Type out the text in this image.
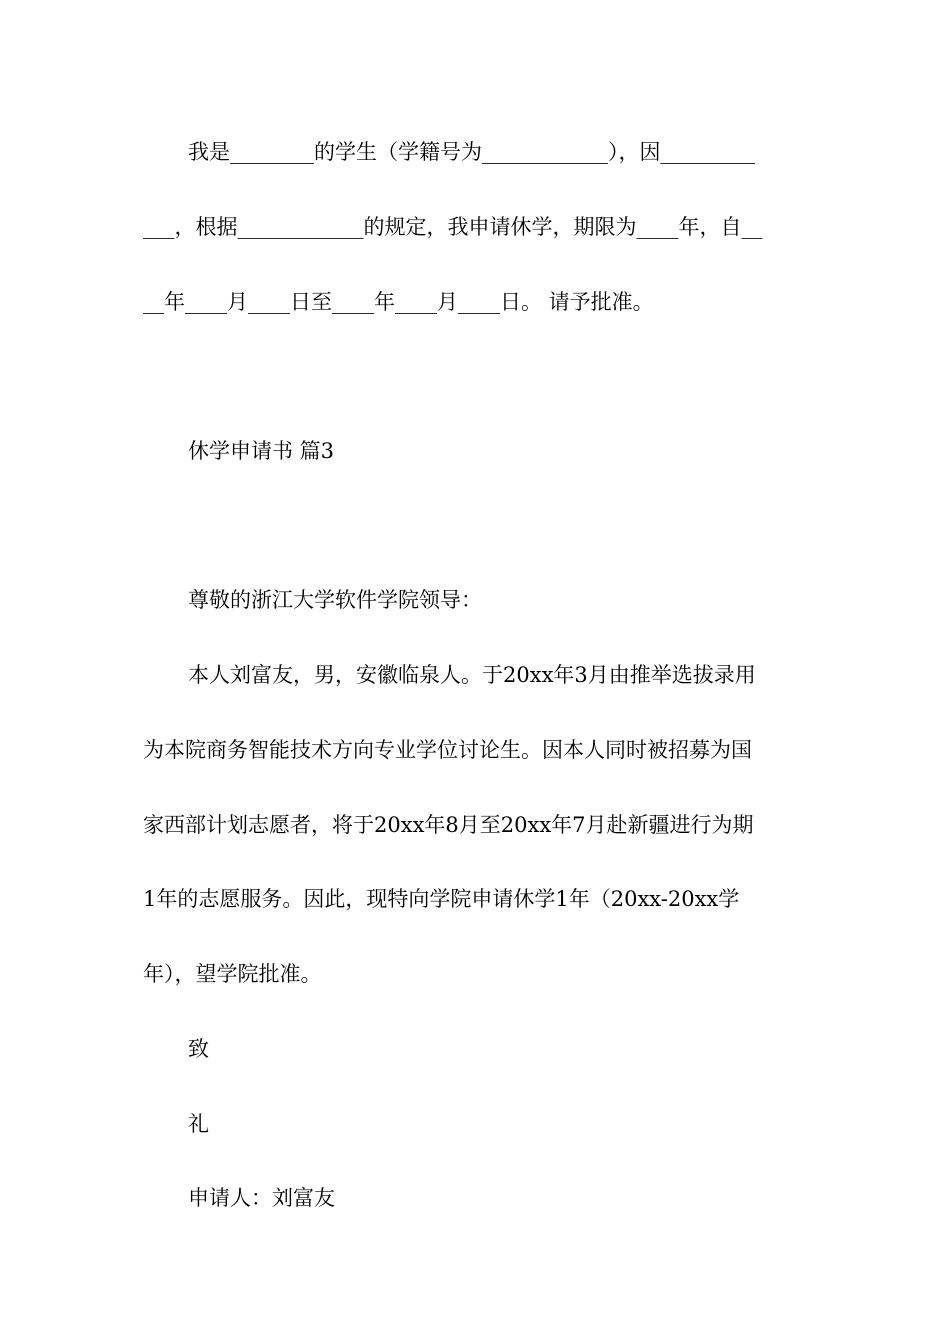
我是________的学生（学籍号为____________），因_________
___，根据____________的规定，我申请休学，期限为____年，自__
__年____月____日至____年____月____日。 请予批准。
休学申请书 篇3
尊敬的浙江大学软件学院领导：
本人刘富友，男，安徽临泉人。于20xx年3月由推举选拔录用
为本院商务智能技术方向专业学位讨论生。因本人同时被招募为国
家西部计划志愿者，将于20xx年8月至20xx年7月赴新疆进行为期
1年的志愿服务。因此，现特向学院申请休学1年（20xx-20xx学
年），望学院批准。
致
礼
申请人：刘富友
